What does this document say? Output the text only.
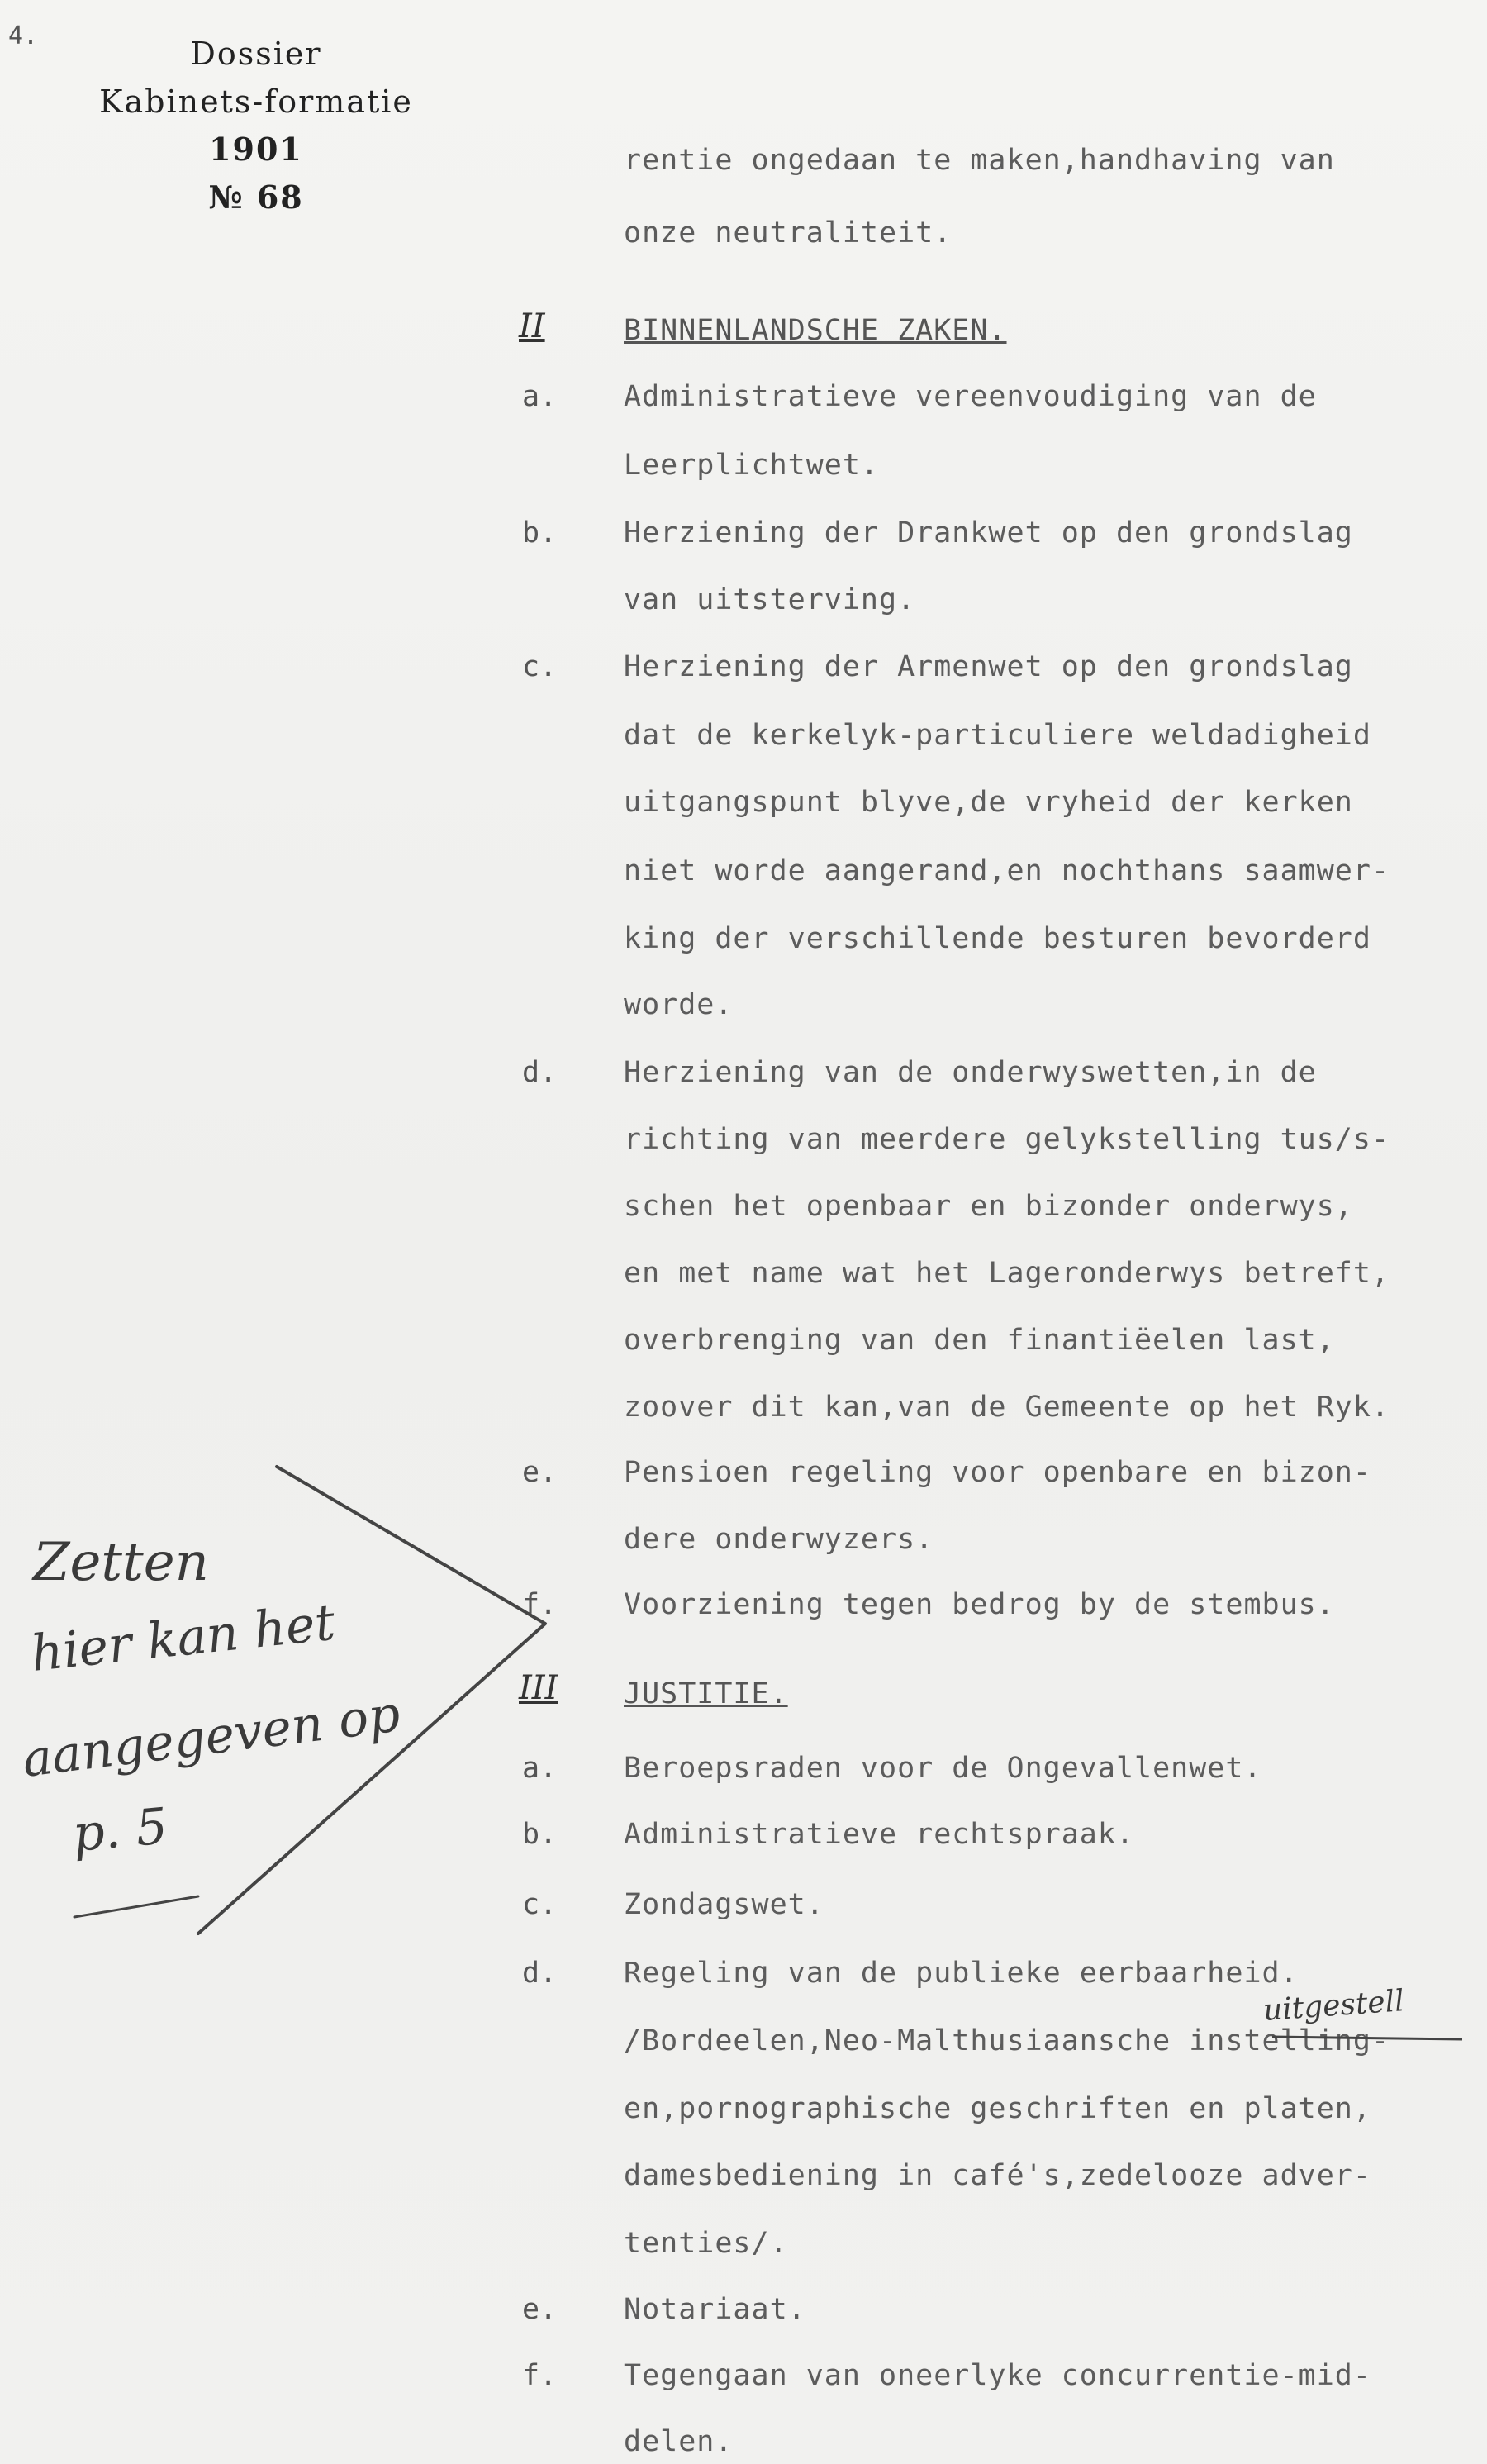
4.	Dossier
Kabinets-formatie
1901
№ 68
rentie ongedaan te maken,handhaving van
onze neutraliteit.
II	BINNENLANDSCHE ZAKEN.
a. Administratieve vereenvoudiging van de
Leerplichtwet.
b. Herziening der Drankwet op den grondslag
van uitsterving.
c. Herziening der Armenwet op den grondslag
dat de kerkelyk-particuliere weldadigheid
uitgangspunt blyve,de vryheid der kerken
niet worde aangerand,en nochthans saamwer-
king der verschillende besturen bevorderd
worde.
d. Herziening van de onderwyswetten,in de
richting van meerdere gelykstelling tus/s-
schen het openbaar en bizonder onderwys,
en met name wat het Lageronderwys betreft,
overbrenging van den finantiëelen last,
zoover dit kan,van de Gemeente op het Ryk.
e. Pensioen regeling voor openbare en bizon-
dere onderwyzers.
f. Voorziening tegen bedrog by de stembus.
III JUSTITIE.
a. Beroepsraden voor de Ongevallenwet.
b. Administratieve rechtspraak.
c. Zondagswet.
d. Regeling van de publieke eerbaarheid.
/Bordeelen,Neo-Malthusiaansche instelling-
en,pornographische geschriften en platen,
damesbediening in café's,zedelooze adver-
tenties/.
e. Notariaat.
f. Tegengaan van oneerlyke concurrentie-mid-
delen.
Zetten
hier kan het
aangegeven op
p. 5
uitgestell
